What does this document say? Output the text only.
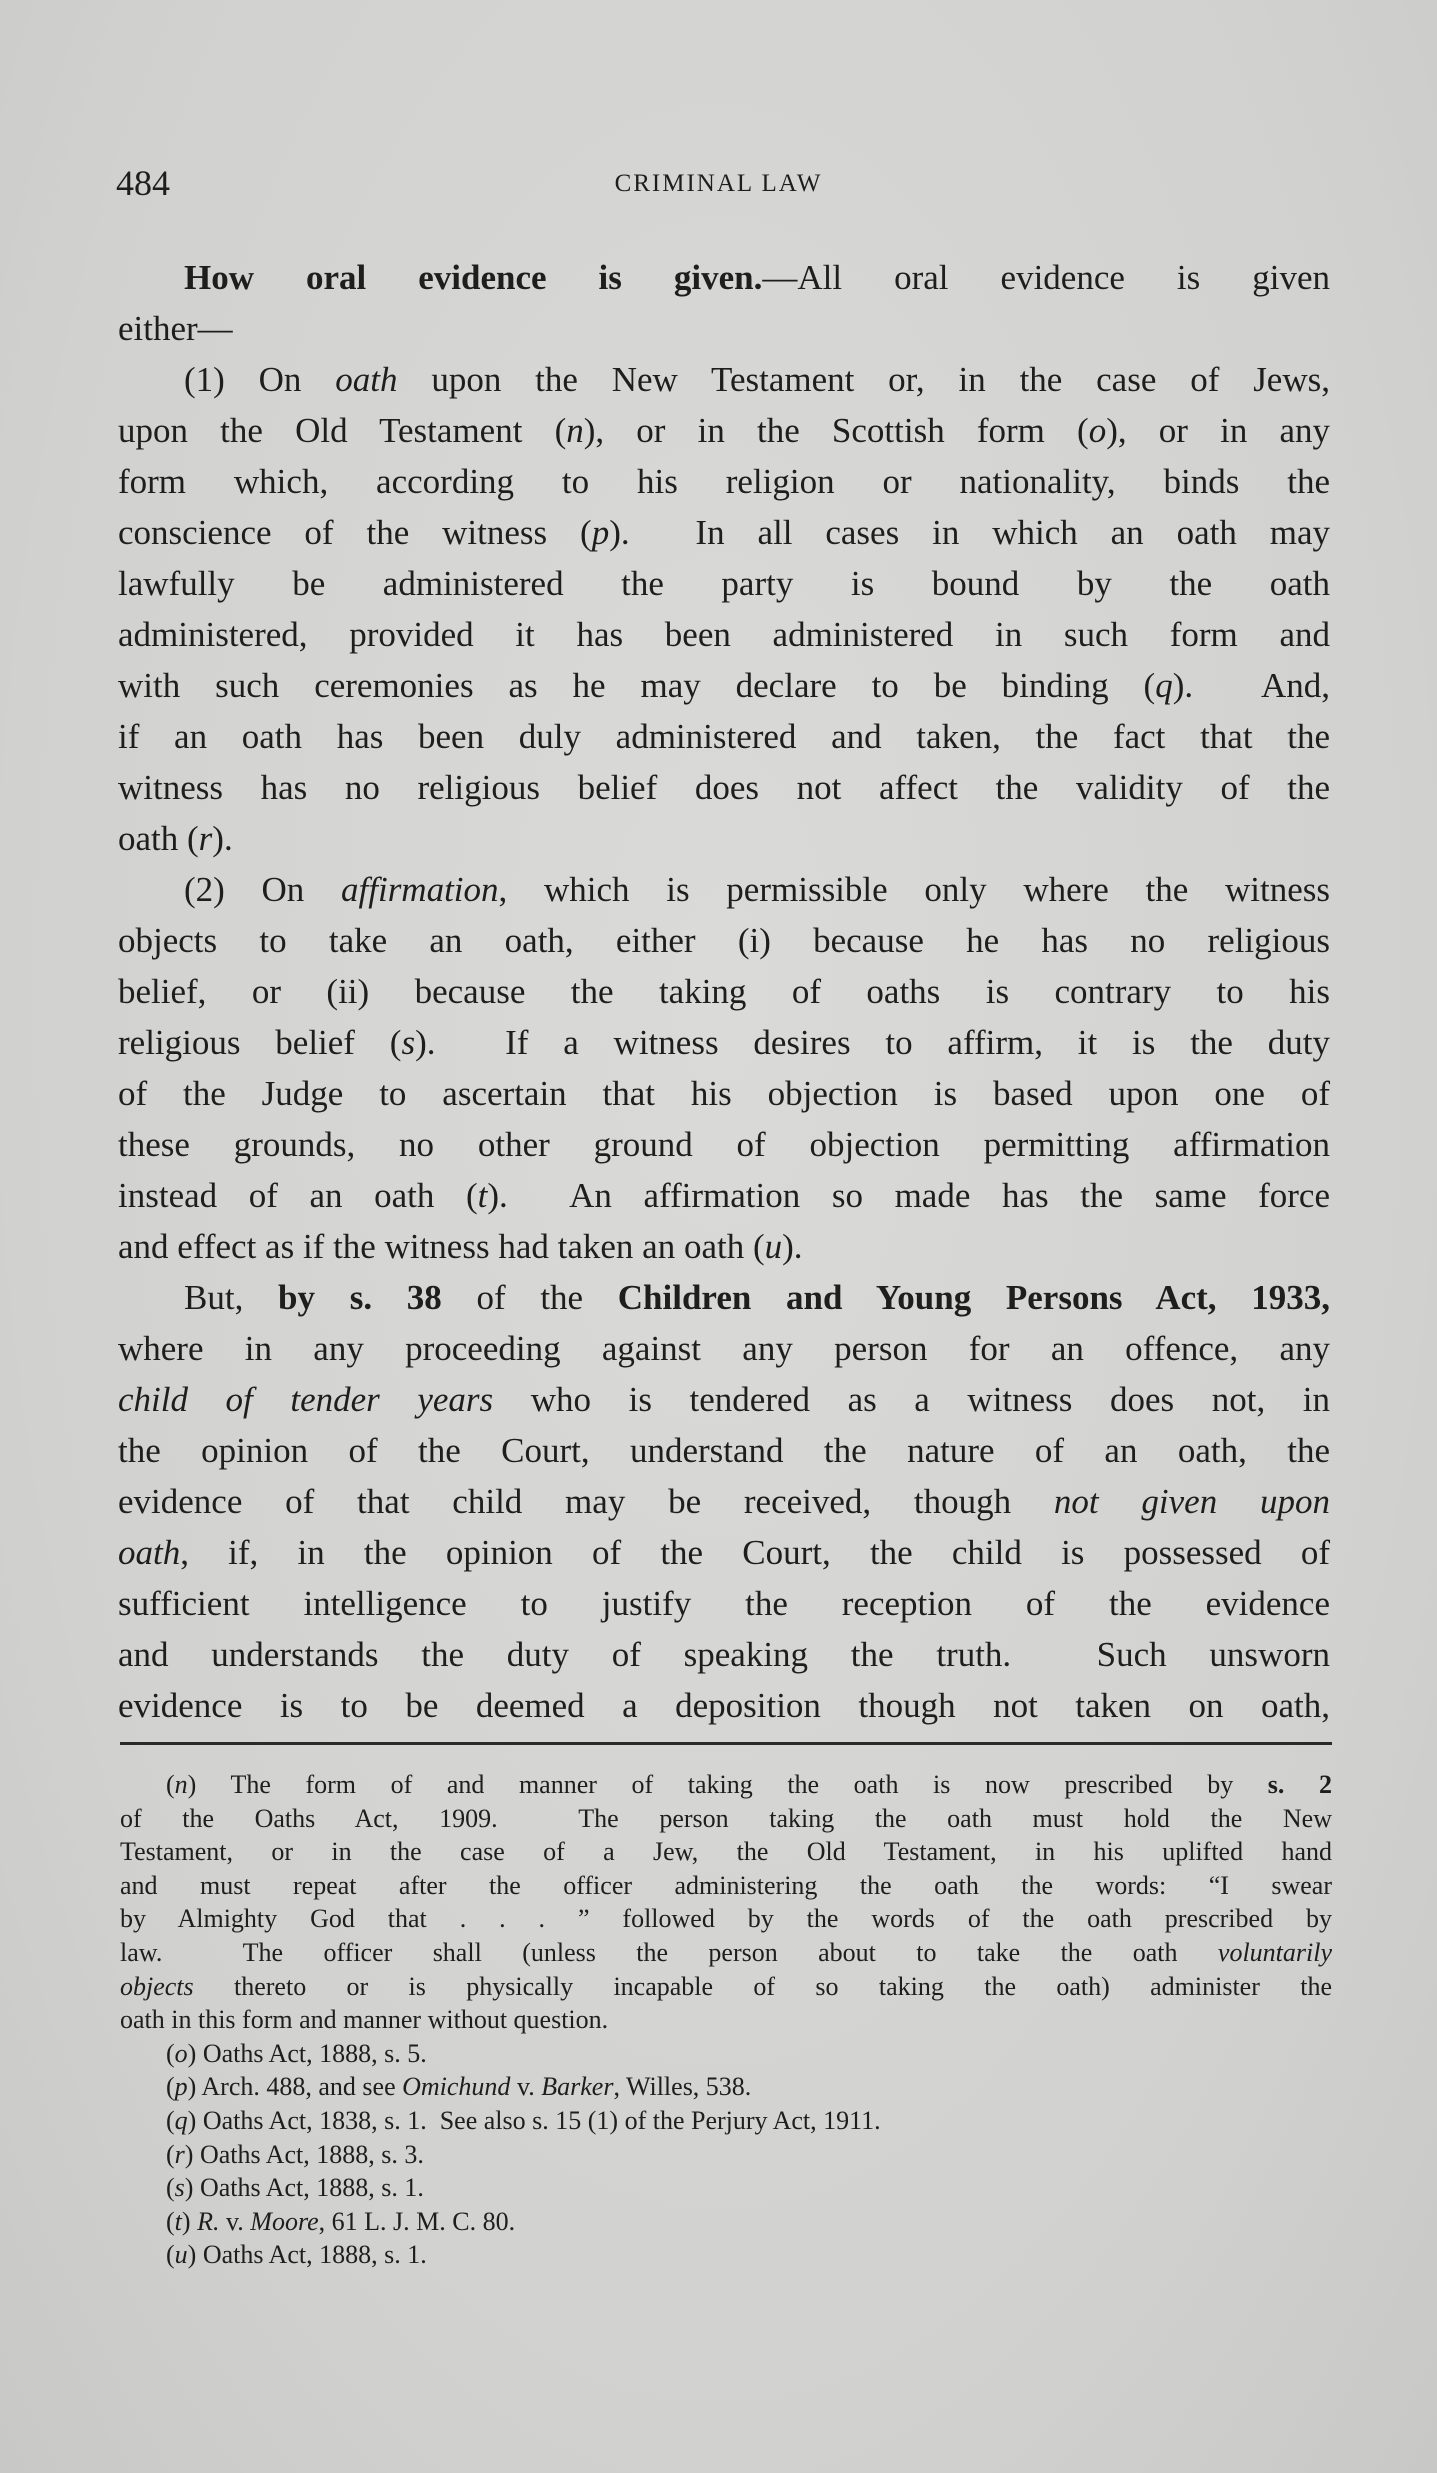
484	CRIMINAL LAW
How oral evidence is given.—All oral evidence is given
either—
(1) On oath upon the New Testament or, in the case of Jews,
upon the Old Testament (n), or in the Scottish form (o), or in any
form which, according to his religion or nationality, binds the
conscience of the witness (p).  In all cases in which an oath may
lawfully be administered the party is bound by the oath
administered, provided it has been administered in such form and
with such ceremonies as he may declare to be binding (q).  And,
if an oath has been duly administered and taken, the fact that the
witness has no religious belief does not affect the validity of the
oath (r).
(2) On affirmation, which is permissible only where the witness
objects to take an oath, either (i) because he has no religious
belief, or (ii) because the taking of oaths is contrary to his
religious belief (s).  If a witness desires to affirm, it is the duty
of the Judge to ascertain that his objection is based upon one of
these grounds, no other ground of objection permitting affirmation
instead of an oath (t).  An affirmation so made has the same force
and effect as if the witness had taken an oath (u).
But, by s. 38 of the Children and Young Persons Act, 1933,
where in any proceeding against any person for an offence, any
child of tender years who is tendered as a witness does not, in
the opinion of the Court, understand the nature of an oath, the
evidence of that child may be received, though not given upon
oath, if, in the opinion of the Court, the child is possessed of
sufficient intelligence to justify the reception of the evidence
and understands the duty of speaking the truth.  Such unsworn
evidence is to be deemed a deposition though not taken on oath,
(n) The form of and manner of taking the oath is now prescribed by s. 2
of the Oaths Act, 1909.  The person taking the oath must hold the New
Testament, or in the case of a Jew, the Old Testament, in his uplifted hand
and must repeat after the officer administering the oath the words: “I swear
by Almighty God that . . . ” followed by the words of the oath prescribed by
law.  The officer shall (unless the person about to take the oath voluntarily
objects thereto or is physically incapable of so taking the oath) administer the
oath in this form and manner without question.
(o) Oaths Act, 1888, s. 5.
(p) Arch. 488, and see Omichund v. Barker, Willes, 538.
(q) Oaths Act, 1838, s. 1.  See also s. 15 (1) of the Perjury Act, 1911.
(r) Oaths Act, 1888, s. 3.
(s) Oaths Act, 1888, s. 1.
(t) R. v. Moore, 61 L. J. M. C. 80.
(u) Oaths Act, 1888, s. 1.
